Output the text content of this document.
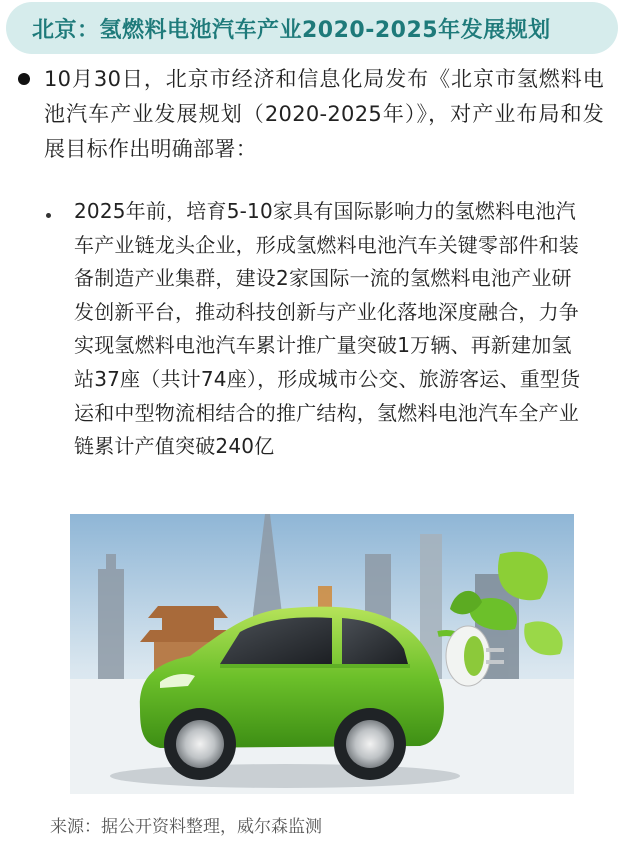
北京：氢燃料电池汽车产业2020-2025年发展规划
10月30日，北京市经济和信息化局发布《北京市氢燃料电池汽车产业发展规划（2020-2025年）》，对产业布局和发展目标作出明确部署：
2025年前，培育5-10家具有国际影响力的氢燃料电池汽车产业链龙头企业，形成氢燃料电池汽车关键零部件和装备制造产业集群，建设2家国际一流的氢燃料电池产业研发创新平台，推动科技创新与产业化落地深度融合，力争实现氢燃料电池汽车累计推广量突破1万辆、再新建加氢站37座（共计74座），形成城市公交、旅游客运、重型货运和中型物流相结合的推广结构，氢燃料电池汽车全产业链累计产值突破240亿
来源：据公开资料整理，威尔森监测
